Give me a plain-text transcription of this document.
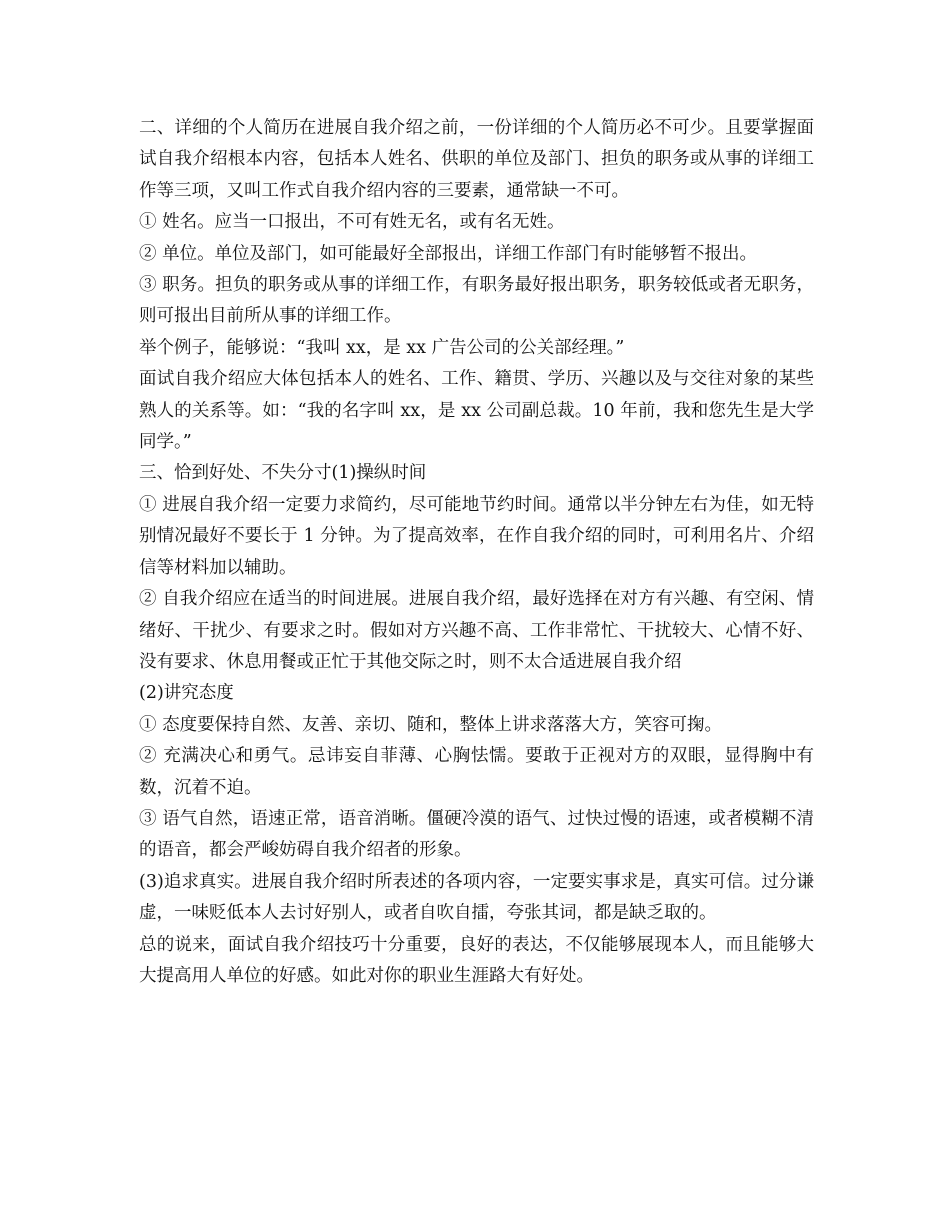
二、详细的个人简历在进展自我介绍之前，一份详细的个人简历必不可少。且要掌握面试自我介绍根本内容，包括本人姓名、供职的单位及部门、担负的职务或从事的详细工作等三项，又叫工作式自我介绍内容的三要素，通常缺一不可。

① 姓名。应当一口报出，不可有姓无名，或有名无姓。

② 单位。单位及部门，如可能最好全部报出，详细工作部门有时能够暂不报出。

③ 职务。担负的职务或从事的详细工作，有职务最好报出职务，职务较低或者无职务，则可报出目前所从事的详细工作。

举个例子，能够说：“我叫 xx，是 xx 广告公司的公关部经理。”

面试自我介绍应大体包括本人的姓名、工作、籍贯、学历、兴趣以及与交往对象的某些熟人的关系等。如：“我的名字叫 xx，是 xx 公司副总裁。10 年前，我和您先生是大学同学。”

三、恰到好处、不失分寸(1)操纵时间

① 进展自我介绍一定要力求简约，尽可能地节约时间。通常以半分钟左右为佳，如无特别情况最好不要长于 1 分钟。为了提高效率，在作自我介绍的同时，可利用名片、介绍信等材料加以辅助。

② 自我介绍应在适当的时间进展。进展自我介绍，最好选择在对方有兴趣、有空闲、情绪好、干扰少、有要求之时。假如对方兴趣不高、工作非常忙、干扰较大、心情不好、没有要求、休息用餐或正忙于其他交际之时，则不太合适进展自我介绍

(2)讲究态度

① 态度要保持自然、友善、亲切、随和，整体上讲求落落大方，笑容可掬。

② 充满决心和勇气。忌讳妄自菲薄、心胸怯懦。要敢于正视对方的双眼，显得胸中有数，沉着不迫。

③ 语气自然，语速正常，语音消晰。僵硬冷漠的语气、过快过慢的语速，或者模糊不清的语音，都会严峻妨碍自我介绍者的形象。

(3)追求真实。进展自我介绍时所表述的各项内容，一定要实事求是，真实可信。过分谦虚，一味贬低本人去讨好别人，或者自吹自擂，夸张其词，都是缺乏取的。

总的说来，面试自我介绍技巧十分重要，良好的表达，不仅能够展现本人，而且能够大大提高用人单位的好感。如此对你的职业生涯路大有好处。
